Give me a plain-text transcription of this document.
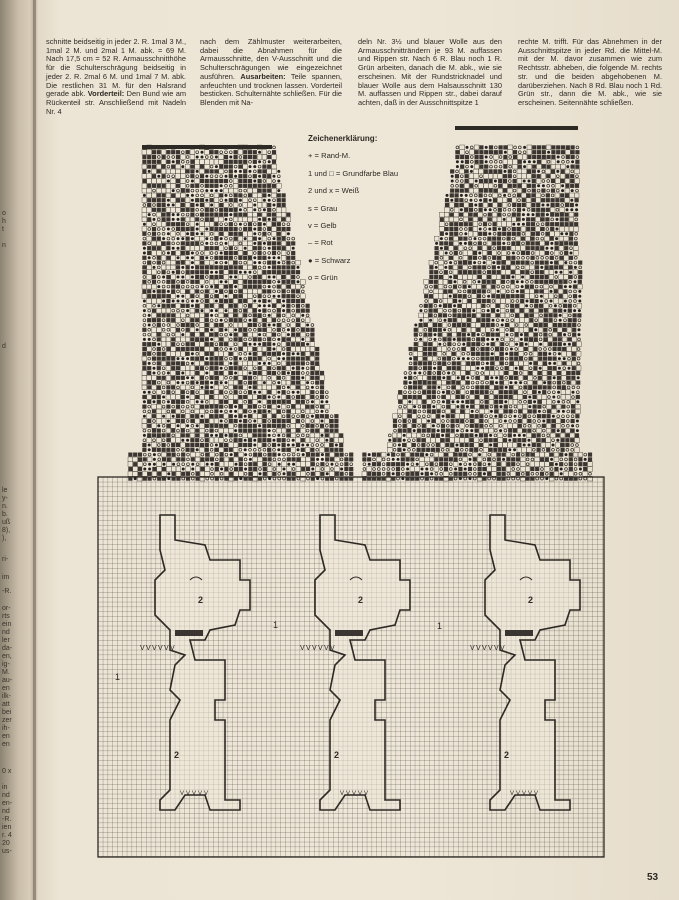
o
h
t

n
d
le
y-
n.
b.
uß
8),
),
ri-
im
-R.
or-
rts
ein
nd
ler
da-
en,
ig-
M.
au-
en
ilk-
att
bei
zer
ih-
en
en
0 x
in
nd
en-
nd
-R.
ien
r. 4
20
us-
schnitte beidseitig in jeder 2. R. 1mal 3 M., 1mal 2 M. und 2mal 1 M. abk. = 69 M. Nach 17,5 cm = 52 R. Armausschnitthöhe für die Schulterschrägung beidseitig in jeder 2. R. 2mal 6 M. und 1mal 7 M. abk. Die restlichen 31 M. für den Halsrand gerade abk. Vorderteil: Den Bund wie am Rückenteil str. Anschließend mit Nadeln Nr. 4
nach dem Zählmuster weiterarbeiten, dabei die Abnahmen für die Armausschnitte, den V-Ausschnitt und die Schulterschrägungen wie eingezeichnet ausführen. Ausarbeiten: Teile spannen, anfeuchten und trocknen lassen. Vorderteil besticken. Schulternähte schließen. Für die Blenden mit Na-
deln Nr. 3½ und blauer Wolle aus den Armausschnitträndern je 93 M. auffassen und Rippen str. Nach 6 R. Blau noch 1 R. Grün arbeiten, danach die M. abk., wie sie erscheinen. Mit der Rundstricknadel und blauer Wolle aus dem Halsausschnitt 130 M. auffassen und Rippen str., dabei darauf achten, daß in der Ausschnittspitze 1
rechte M. trifft. Für das Abnehmen in der Ausschnittspitze in jeder Rd. die Mittel-M. mit der M. davor zusammen wie zum Rechtsstr. abheben, die folgende M. rechts str. und die beiden abgehobenen M. darüberziehen. Nach 8 Rd. Blau noch 1 Rd. Grün str., dann die M. abk., wie sie erscheinen. Seitennähte schließen.
V V V V V V
V V V V V
2
2
V V V V V V
V V V V V
2
2
V V V V V V
V V V V V
2
2
1
1	1
Zeichenerklärung:
+ = Rand-M.
1 und □ = Grundfarbe Blau
2 und x = Weiß
s = Grau
v = Gelb
– = Rot
● = Schwarz
o = Grün
53
